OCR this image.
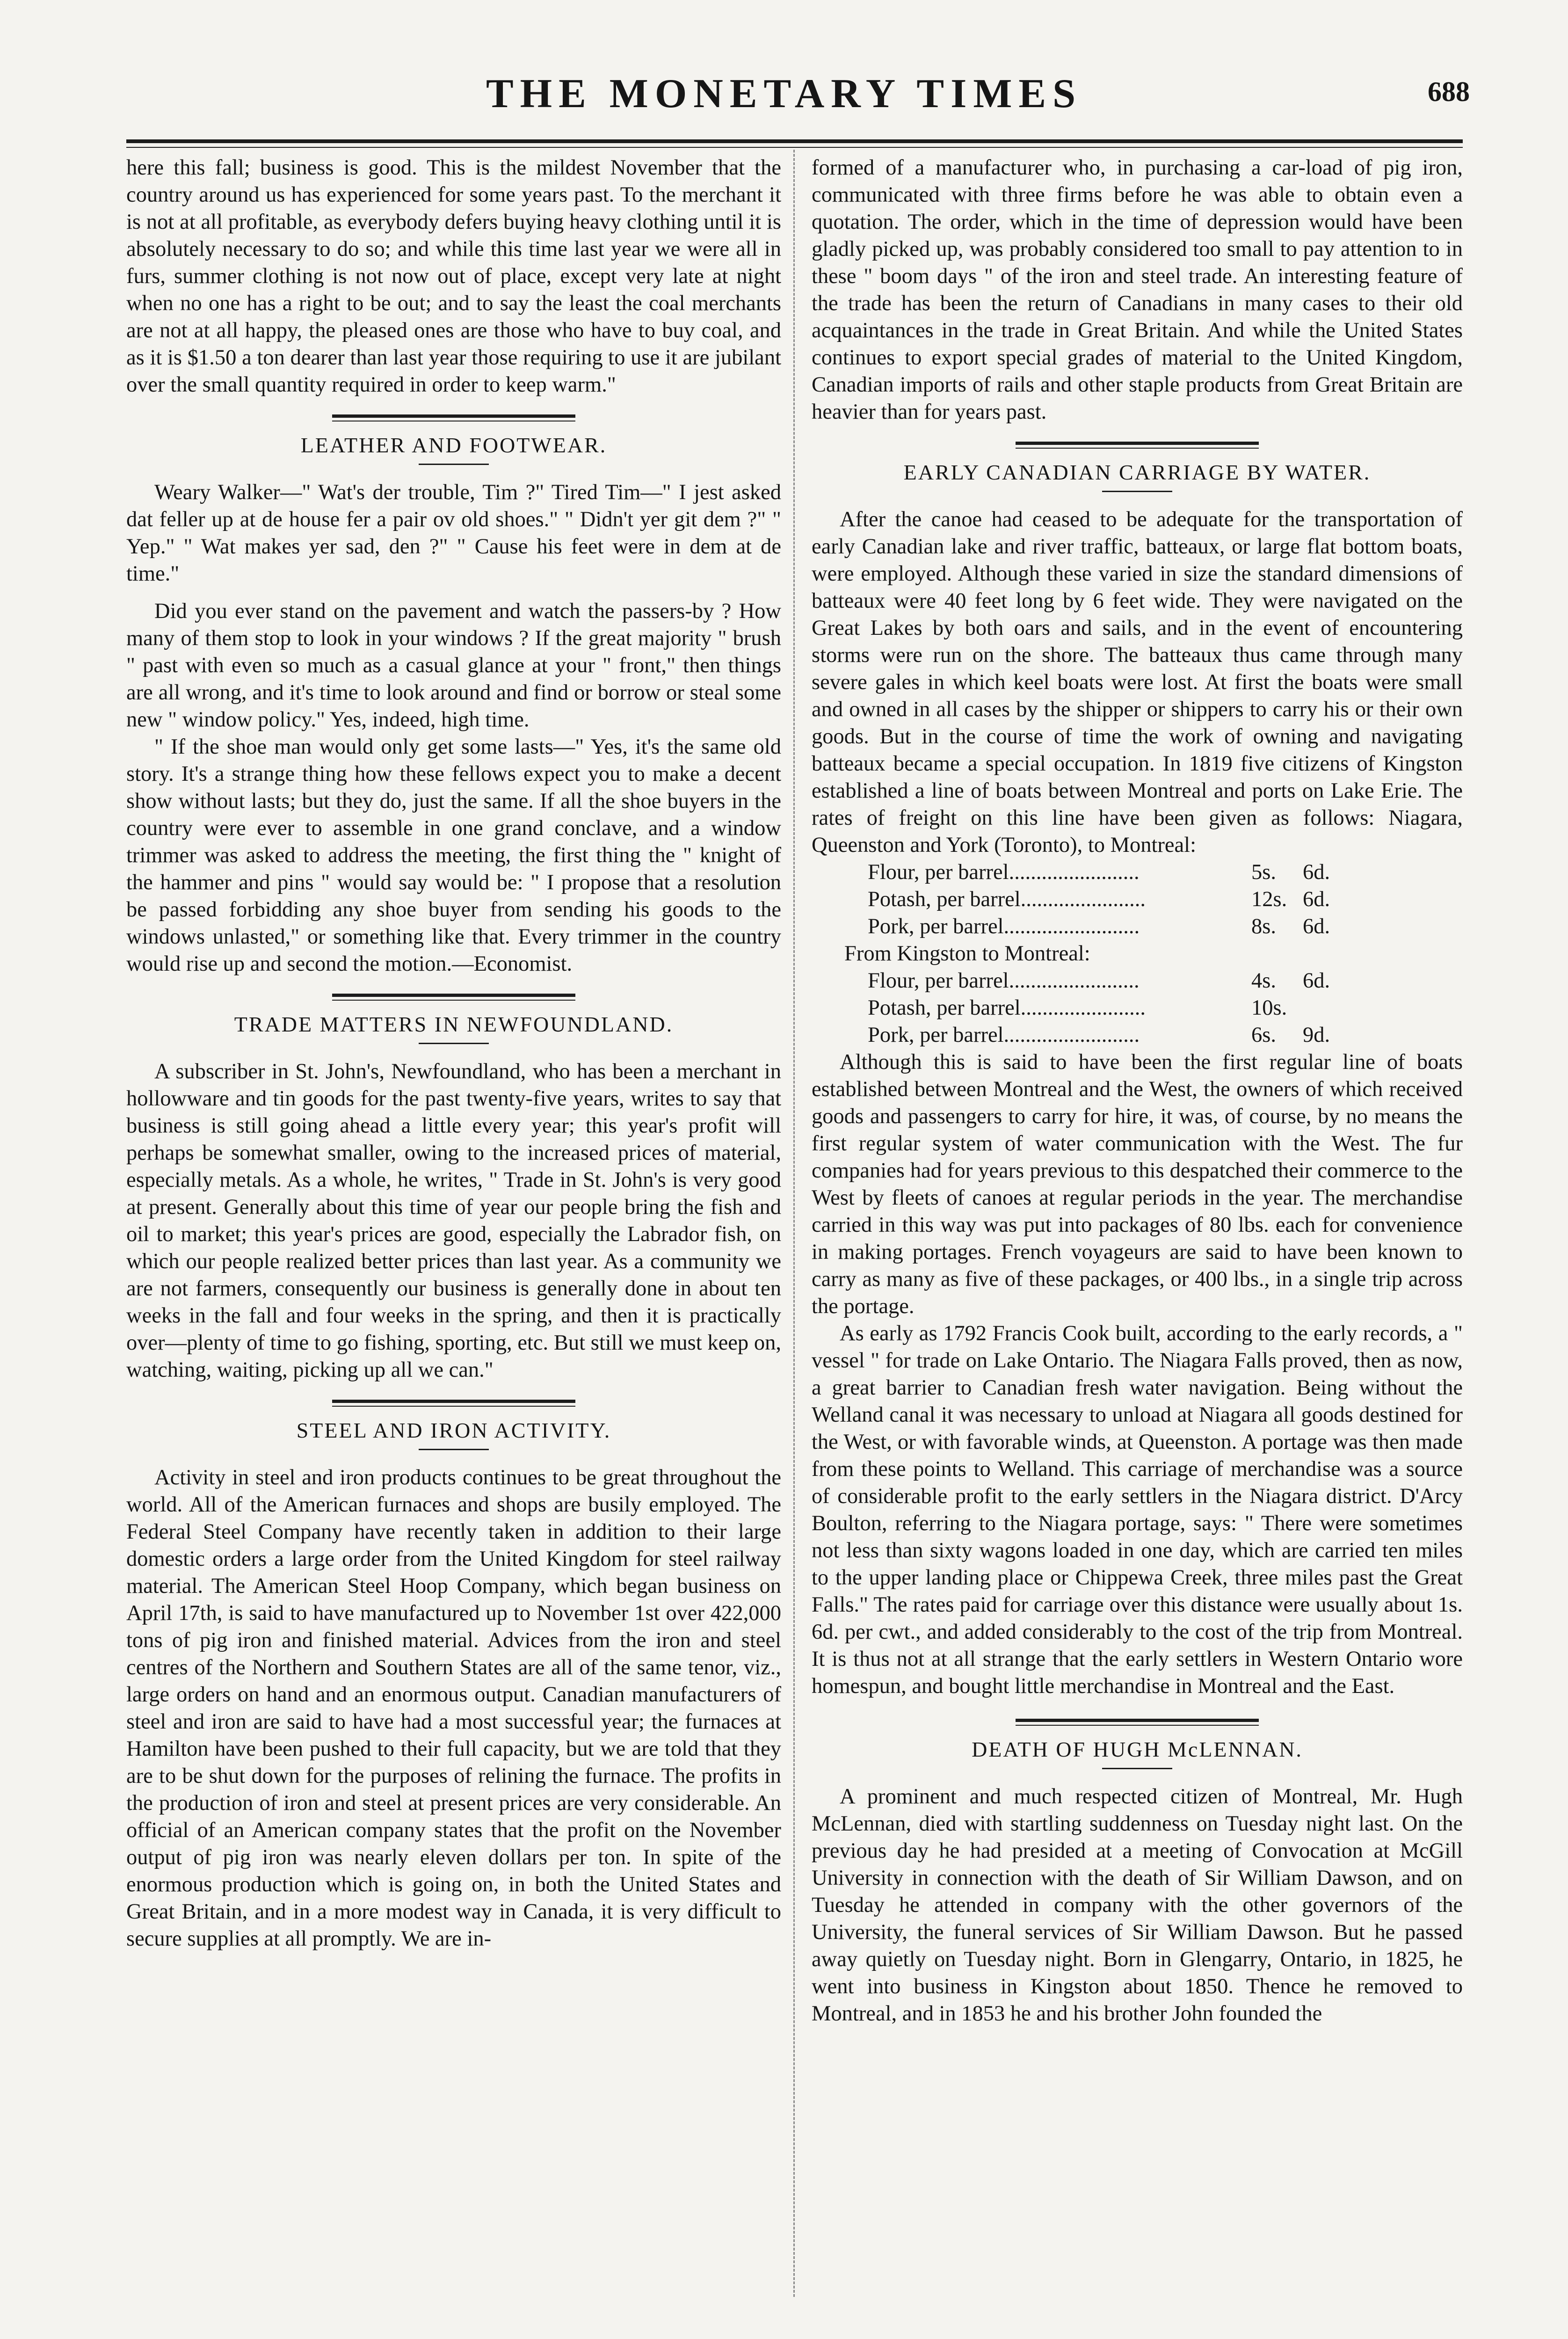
THE MONETARY TIMES	688

here this fall; business is good. This is the mildest November that the country around us has experienced for some years past. To the merchant it is not at all profitable, as everybody defers buying heavy clothing until it is absolutely necessary to do so; and while this time last year we were all in furs, summer clothing is not now out of place, except very late at night when no one has a right to be out; and to say the least the coal merchants are not at all happy, the pleased ones are those who have to buy coal, and as it is $1.50 a ton dearer than last year those requiring to use it are jubilant over the small quantity required in order to keep warm."

LEATHER AND FOOTWEAR.

Weary Walker—" Wat's der trouble, Tim ?" Tired Tim—" I jest asked dat feller up at de house fer a pair ov old shoes." " Didn't yer git dem ?" " Yep." " Wat makes yer sad, den ?" " Cause his feet were in dem at de time."

Did you ever stand on the pavement and watch the passers-by ? How many of them stop to look in your windows ? If the great majority " brush " past with even so much as a casual glance at your " front," then things are all wrong, and it's time to look around and find or borrow or steal some new " window policy." Yes, indeed, high time.

" If the shoe man would only get some lasts—" Yes, it's the same old story. It's a strange thing how these fellows expect you to make a decent show without lasts; but they do, just the same. If all the shoe buyers in the country were ever to assemble in one grand conclave, and a window trimmer was asked to address the meeting, the first thing the " knight of the hammer and pins " would say would be: " I propose that a resolution be passed forbidding any shoe buyer from sending his goods to the windows unlasted," or something like that. Every trimmer in the country would rise up and second the motion.—Economist.

TRADE MATTERS IN NEWFOUNDLAND.

A subscriber in St. John's, Newfoundland, who has been a merchant in hollowware and tin goods for the past twenty-five years, writes to say that business is still going ahead a little every year; this year's profit will perhaps be somewhat smaller, owing to the increased prices of material, especially metals. As a whole, he writes, " Trade in St. John's is very good at present. Generally about this time of year our people bring the fish and oil to market; this year's prices are good, especially the Labrador fish, on which our people realized better prices than last year. As a community we are not farmers, consequently our business is generally done in about ten weeks in the fall and four weeks in the spring, and then it is practically over—plenty of time to go fishing, sporting, etc. But still we must keep on, watching, waiting, picking up all we can."

STEEL AND IRON ACTIVITY.

Activity in steel and iron products continues to be great throughout the world. All of the American furnaces and shops are busily employed. The Federal Steel Company have recently taken in addition to their large domestic orders a large order from the United Kingdom for steel railway material. The American Steel Hoop Company, which began business on April 17th, is said to have manufactured up to November 1st over 422,000 tons of pig iron and finished material. Advices from the iron and steel centres of the Northern and Southern States are all of the same tenor, viz., large orders on hand and an enormous output. Canadian manufacturers of steel and iron are said to have had a most successful year; the furnaces at Hamilton have been pushed to their full capacity, but we are told that they are to be shut down for the purposes of relining the furnace. The profits in the production of iron and steel at present prices are very considerable. An official of an American company states that the profit on the November output of pig iron was nearly eleven dollars per ton. In spite of the enormous production which is going on, in both the United States and Great Britain, and in a more modest way in Canada, it is very difficult to secure supplies at all promptly. We are in-

formed of a manufacturer who, in purchasing a car-load of pig iron, communicated with three firms before he was able to obtain even a quotation. The order, which in the time of depression would have been gladly picked up, was probably considered too small to pay attention to in these " boom days " of the iron and steel trade. An interesting feature of the trade has been the return of Canadians in many cases to their old acquaintances in the trade in Great Britain. And while the United States continues to export special grades of material to the United Kingdom, Canadian imports of rails and other staple products from Great Britain are heavier than for years past.

EARLY CANADIAN CARRIAGE BY WATER.

After the canoe had ceased to be adequate for the transportation of early Canadian lake and river traffic, batteaux, or large flat bottom boats, were employed. Although these varied in size the standard dimensions of batteaux were 40 feet long by 6 feet wide. They were navigated on the Great Lakes by both oars and sails, and in the event of encountering storms were run on the shore. The batteaux thus came through many severe gales in which keel boats were lost. At first the boats were small and owned in all cases by the shipper or shippers to carry his or their own goods. But in the course of time the work of owning and navigating batteaux became a special occupation. In 1819 five citizens of Kingston established a line of boats between Montreal and ports on Lake Erie. The rates of freight on this line have been given as follows: Niagara, Queenston and York (Toronto), to Montreal:

Flour, per barrel........................	5s.	6d.
Potash, per barrel.......................	12s. 6d.
Pork, per barrel.........................	8s.	6d.
From Kingston to Montreal:
Flour, per barrel........................	4s.	6d.
Potash, per barrel.......................	10s.
Pork, per barrel.........................	6s.	9d.

Although this is said to have been the first regular line of boats established between Montreal and the West, the owners of which received goods and passengers to carry for hire, it was, of course, by no means the first regular system of water communication with the West. The fur companies had for years previous to this despatched their commerce to the West by fleets of canoes at regular periods in the year. The merchandise carried in this way was put into packages of 80 lbs. each for convenience in making portages. French voyageurs are said to have been known to carry as many as five of these packages, or 400 lbs., in a single trip across the portage.

As early as 1792 Francis Cook built, according to the early records, a " vessel " for trade on Lake Ontario. The Niagara Falls proved, then as now, a great barrier to Canadian fresh water navigation. Being without the Welland canal it was necessary to unload at Niagara all goods destined for the West, or with favorable winds, at Queenston. A portage was then made from these points to Welland. This carriage of merchandise was a source of considerable profit to the early settlers in the Niagara district. D'Arcy Boulton, referring to the Niagara portage, says: " There were sometimes not less than sixty wagons loaded in one day, which are carried ten miles to the upper landing place or Chippewa Creek, three miles past the Great Falls." The rates paid for carriage over this distance were usually about 1s. 6d. per cwt., and added considerably to the cost of the trip from Montreal. It is thus not at all strange that the early settlers in Western Ontario wore homespun, and bought little merchandise in Montreal and the East.

DEATH OF HUGH McLENNAN.

A prominent and much respected citizen of Montreal, Mr. Hugh McLennan, died with startling suddenness on Tuesday night last. On the previous day he had presided at a meeting of Convocation at McGill University in connection with the death of Sir William Dawson, and on Tuesday he attended in company with the other governors of the University, the funeral services of Sir William Dawson. But he passed away quietly on Tuesday night. Born in Glengarry, Ontario, in 1825, he went into business in Kingston about 1850. Thence he removed to Montreal, and in 1853 he and his brother John founded the
